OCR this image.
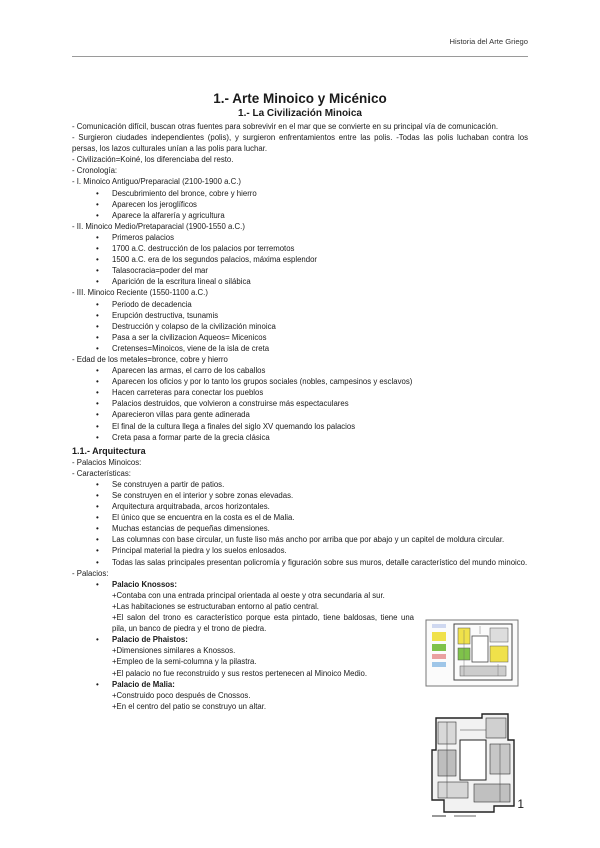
Historia del Arte Griego
1.- Arte Minoico y Micénico
1.- La Civilización Minoica

- Comunicación difícil, buscan otras fuentes para sobrevivir en el mar que se convierte en su principal vía de comunicación.

- Surgieron ciudades independientes (polis), y surgieron enfrentamientos entre las polis. -Todas las polis luchaban contra los persas, los lazos culturales unían a las polis para luchar.

- Civilización=Koiné, los diferenciaba del resto.

- Cronología:

- I. Minoico Antiguo/Preparacial (2100-1900 a.C.)

• Descubrimiento del bronce, cobre y hierro
• Aparecen los jeroglíficos
• Aparece la alfarería y agricultura

- II. Minoico Medio/Pretaparacial (1900-1550 a.C.)

• Primeros palacios
• 1700 a.C. destrucción de los palacios por terremotos
• 1500 a.C. era de los segundos palacios, máxima esplendor
• Talasocracia=poder del mar
• Aparición de la escritura lineal o silábica

- III. Minoico Reciente (1550-1100 a.C.)

• Periodo de decadencia
• Erupción destructiva, tsunamis
• Destrucción y colapso de la civilización minoica
• Pasa a ser la civilizacion Aqueos= Micenicos
• Cretenses=Minoicos, viene de la isla de creta

- Edad de los metales=bronce, cobre y hierro

• Aparecen las armas, el carro de los caballos
• Aparecen los oficios y por lo tanto los grupos sociales (nobles, campesinos y esclavos)
• Hacen carreteras para conectar los pueblos
• Palacios destruidos, que volvieron a construirse más espectaculares
• Aparecieron villas para gente adinerada
• El final de la cultura llega a finales del siglo XV quemando los palacios
• Creta pasa a formar parte de la grecia clásica
1.1.- Arquitectura

- Palacios Minoicos:

- Características:

• Se construyen a partir de patios.
• Se construyen en el interior y sobre zonas elevadas.
• Arquitectura arquitrabada, arcos horizontales.
• El único que se encuentra en la costa es el de Malia.
• Muchas estancias de pequeñas dimensiones.
• Las columnas con base circular, un fuste liso más ancho por arriba que por abajo y un capitel de moldura circular.
• Principal material la piedra y los suelos enlosados.
• Todas las salas principales presentan policromía y figuración sobre sus muros, detalle característico del mundo minoico.

- Palacios:

• Palacio Knossos:
+Contaba con una entrada principal orientada al oeste y otra secundaria al sur.
+Las habitaciones se estructuraban entorno al patio central.
+El salon del trono es característico porque esta pintado, tiene baldosas, tiene una pila, un banco de piedra y el trono de piedra.
• Palacio de Phaistos:
+Dimensiones similares a Knossos.
+Empleo de la semi-columna y la pilastra.
+El palacio no fue reconstruido y sus restos pertenecen al Minoico Medio.
• Palacio de Malia:
+Construido poco después de Cnossos.
+En el centro del patio se construyo un altar.
1
